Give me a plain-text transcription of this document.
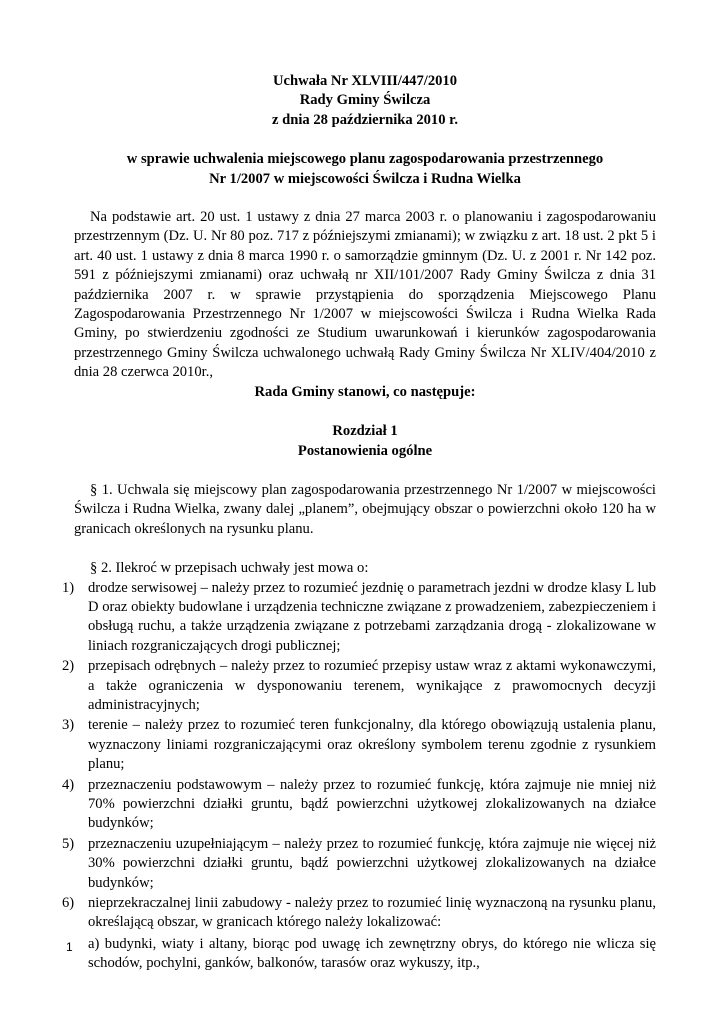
Uchwała Nr XLVIII/447/2010
Rady Gminy Świlcza
z dnia 28 października 2010 r.
w sprawie uchwalenia miejscowego planu zagospodarowania przestrzennego
Nr 1/2007 w miejscowości Świlcza i Rudna Wielka
Na podstawie art. 20 ust. 1 ustawy z dnia 27 marca 2003 r. o planowaniu i zagospodarowaniu przestrzennym (Dz. U. Nr 80 poz. 717 z późniejszymi zmianami); w związku z art. 18 ust. 2 pkt 5 i art. 40 ust. 1 ustawy z dnia 8 marca 1990 r. o samorządzie gminnym (Dz. U. z 2001 r. Nr 142 poz. 591 z późniejszymi zmianami) oraz uchwałą nr XII/101/2007 Rady Gminy Świlcza z dnia 31 października 2007 r. w sprawie przystąpienia do sporządzenia Miejscowego Planu Zagospodarowania Przestrzennego Nr 1/2007 w miejscowości Świlcza i Rudna Wielka Rada Gminy, po stwierdzeniu zgodności ze Studium uwarunkowań i kierunków zagospodarowania przestrzennego Gminy Świlcza uchwalonego uchwałą Rady Gminy Świlcza Nr XLIV/404/2010 z dnia 28 czerwca 2010r.,
Rada Gminy stanowi, co następuje:
Rozdział 1
Postanowienia ogólne
§ 1. Uchwala się miejscowy plan zagospodarowania przestrzennego Nr 1/2007 w miejscowości Świlcza i Rudna Wielka, zwany dalej „planem”, obejmujący obszar o powierzchni około 120 ha w granicach określonych na rysunku planu.
§ 2. Ilekroć w przepisach uchwały jest mowa o:
1) drodze serwisowej – należy przez to rozumieć jezdnię o parametrach jezdni w drodze klasy L lub D oraz obiekty budowlane i urządzenia techniczne związane z prowadzeniem, zabezpieczeniem i obsługą ruchu, a także urządzenia związane z potrzebami zarządzania drogą - zlokalizowane w liniach rozgraniczających drogi publicznej;
2) przepisach odrębnych – należy przez to rozumieć przepisy ustaw wraz z aktami wykonawczymi, a także ograniczenia w dysponowaniu terenem, wynikające z prawomocnych decyzji administracyjnych;
3) terenie – należy przez to rozumieć teren funkcjonalny, dla którego obowiązują ustalenia planu, wyznaczony liniami rozgraniczającymi oraz określony symbolem terenu zgodnie z rysunkiem planu;
4) przeznaczeniu podstawowym – należy przez to rozumieć funkcję, która zajmuje nie mniej niż 70% powierzchni działki gruntu, bądź powierzchni użytkowej zlokalizowanych na działce budynków;
5) przeznaczeniu uzupełniającym – należy przez to rozumieć funkcję, która zajmuje nie więcej niż 30% powierzchni działki gruntu, bądź powierzchni użytkowej zlokalizowanych na działce budynków;
6) nieprzekraczalnej linii zabudowy - należy przez to rozumieć linię wyznaczoną na rysunku planu, określającą obszar, w granicach którego należy lokalizować:
a) budynki, wiaty i altany, biorąc pod uwagę ich zewnętrzny obrys, do którego nie wlicza się schodów, pochylni, ganków, balkonów, tarasów oraz wykuszy, itp.,
1
